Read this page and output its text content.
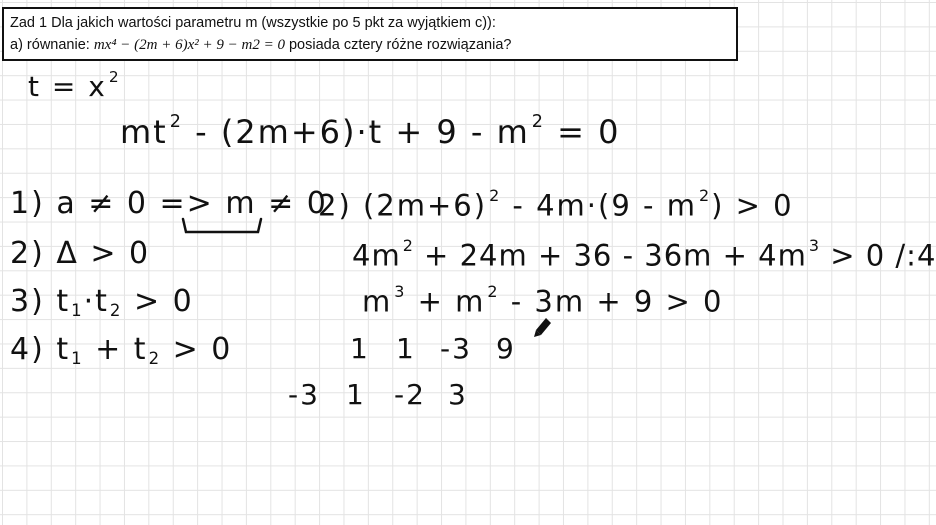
Zad 1 Dla jakich wartości parametru m (wszystkie po 5 pkt za wyjątkiem c)):
a) równanie: mx⁴ − (2m + 6)x² + 9 − m2 = 0 posiada cztery różne rozwiązania?
t = x $^2$
mt $^2$ - (2m+6)·t + 9 - m $^2$ = 0
1) a ≠ 0 => m ≠ 0
2) Δ > 0
3) $t_1\cdot t_2 > 0$
4) $t_1 + t_2 > 0$
2) (2m+6) $^2$ - 4m·(9 - m $^2$) > 0
4m $^2$ + 24m + 36 - 36m + 4m $^3$ > 0 /:4
m $^3$ + m $^2$ - 3m + 9 > 0
1 1 -3 9
-3 1 -2 3
